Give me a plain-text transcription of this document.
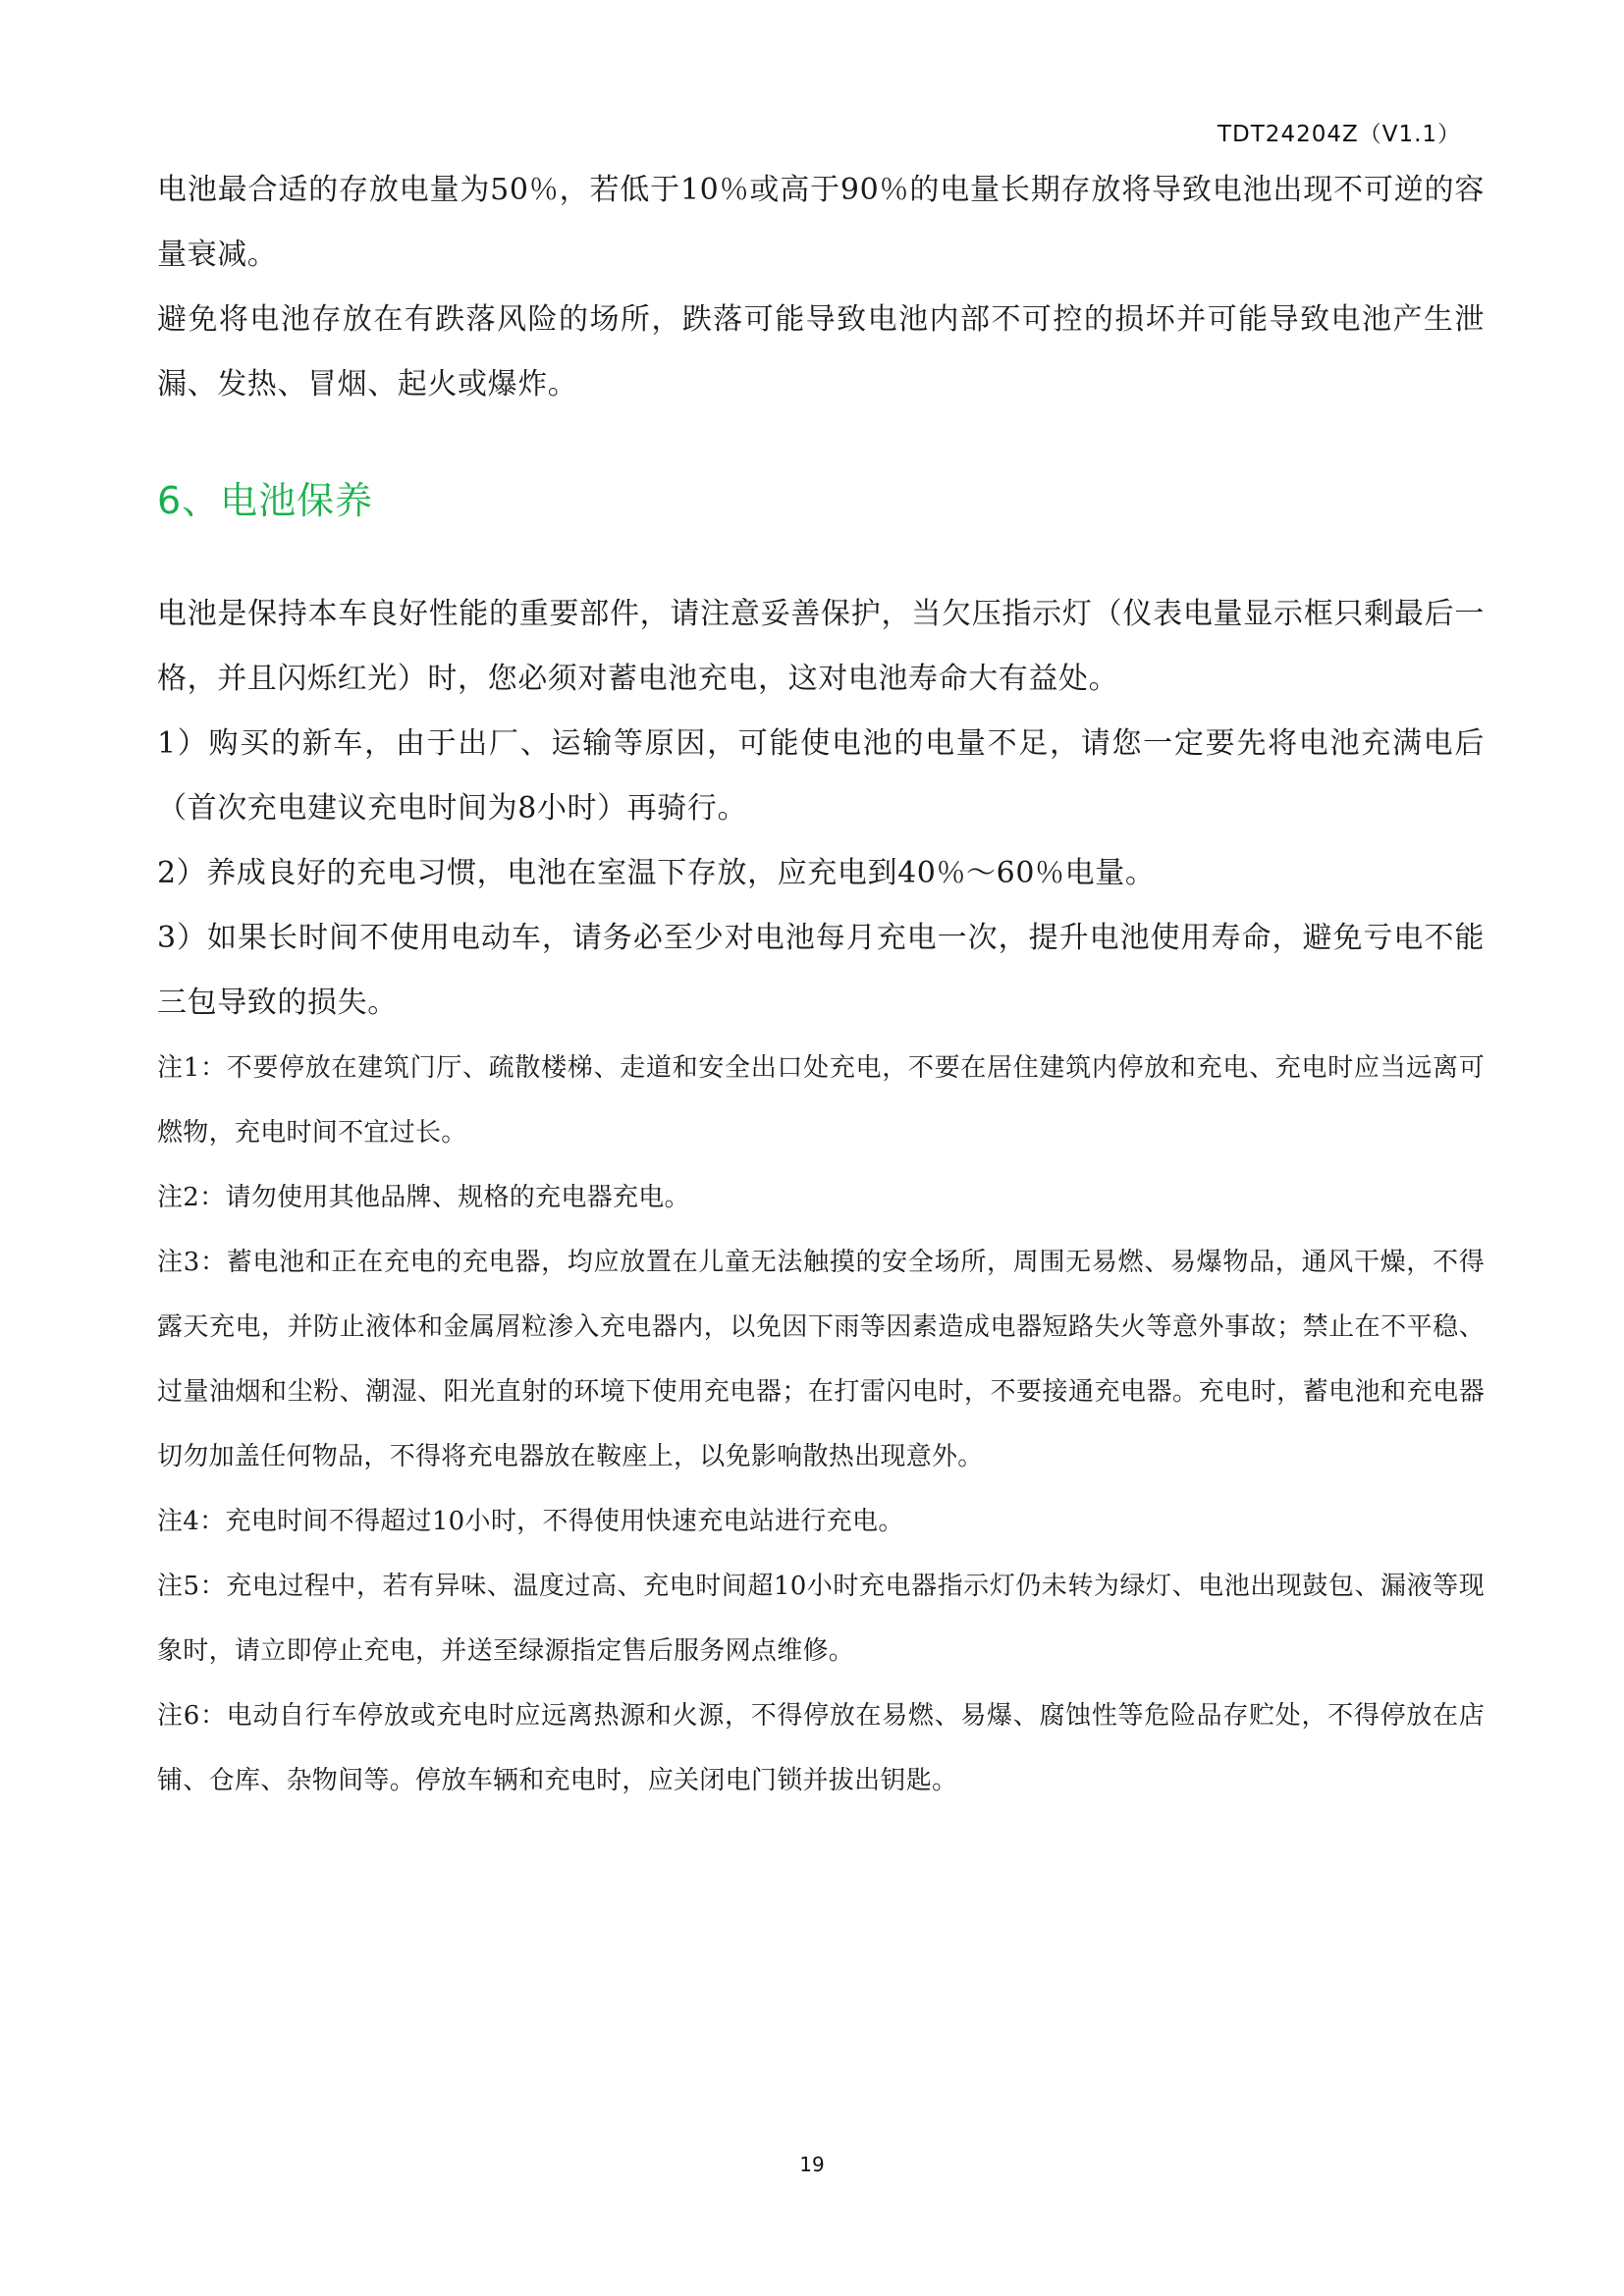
TDT24204Z（V1.1）

电池最合适的存放电量为50％，若低于10％或高于90％的电量长期存放将导致电池出现不可逆的容量衰减。

避免将电池存放在有跌落风险的场所，跌落可能导致电池内部不可控的损坏并可能导致电池产生泄漏、发热、冒烟、起火或爆炸。

6、电池保养

电池是保持本车良好性能的重要部件，请注意妥善保护，当欠压指示灯（仪表电量显示框只剩最后一格，并且闪烁红光）时，您必须对蓄电池充电，这对电池寿命大有益处。

1）购买的新车，由于出厂、运输等原因，可能使电池的电量不足，请您一定要先将电池充满电后（首次充电建议充电时间为8小时）再骑行。

2）养成良好的充电习惯，电池在室温下存放，应充电到40％～60％电量。

3）如果长时间不使用电动车，请务必至少对电池每月充电一次，提升电池使用寿命，避免亏电不能三包导致的损失。

注1：不要停放在建筑门厅、疏散楼梯、走道和安全出口处充电，不要在居住建筑内停放和充电、充电时应当远离可燃物，充电时间不宜过长。

注2：请勿使用其他品牌、规格的充电器充电。

注3：蓄电池和正在充电的充电器，均应放置在儿童无法触摸的安全场所，周围无易燃、易爆物品，通风干燥，不得露天充电，并防止液体和金属屑粒渗入充电器内，以免因下雨等因素造成电器短路失火等意外事故；禁止在不平稳、过量油烟和尘粉、潮湿、阳光直射的环境下使用充电器；在打雷闪电时，不要接通充电器。充电时，蓄电池和充电器切勿加盖任何物品，不得将充电器放在鞍座上，以免影响散热出现意外。

注4：充电时间不得超过10小时，不得使用快速充电站进行充电。

注5：充电过程中，若有异味、温度过高、充电时间超10小时充电器指示灯仍未转为绿灯、电池出现鼓包、漏液等现象时，请立即停止充电，并送至绿源指定售后服务网点维修。

注6：电动自行车停放或充电时应远离热源和火源，不得停放在易燃、易爆、腐蚀性等危险品存贮处，不得停放在店铺、仓库、杂物间等。停放车辆和充电时，应关闭电门锁并拔出钥匙。

19
